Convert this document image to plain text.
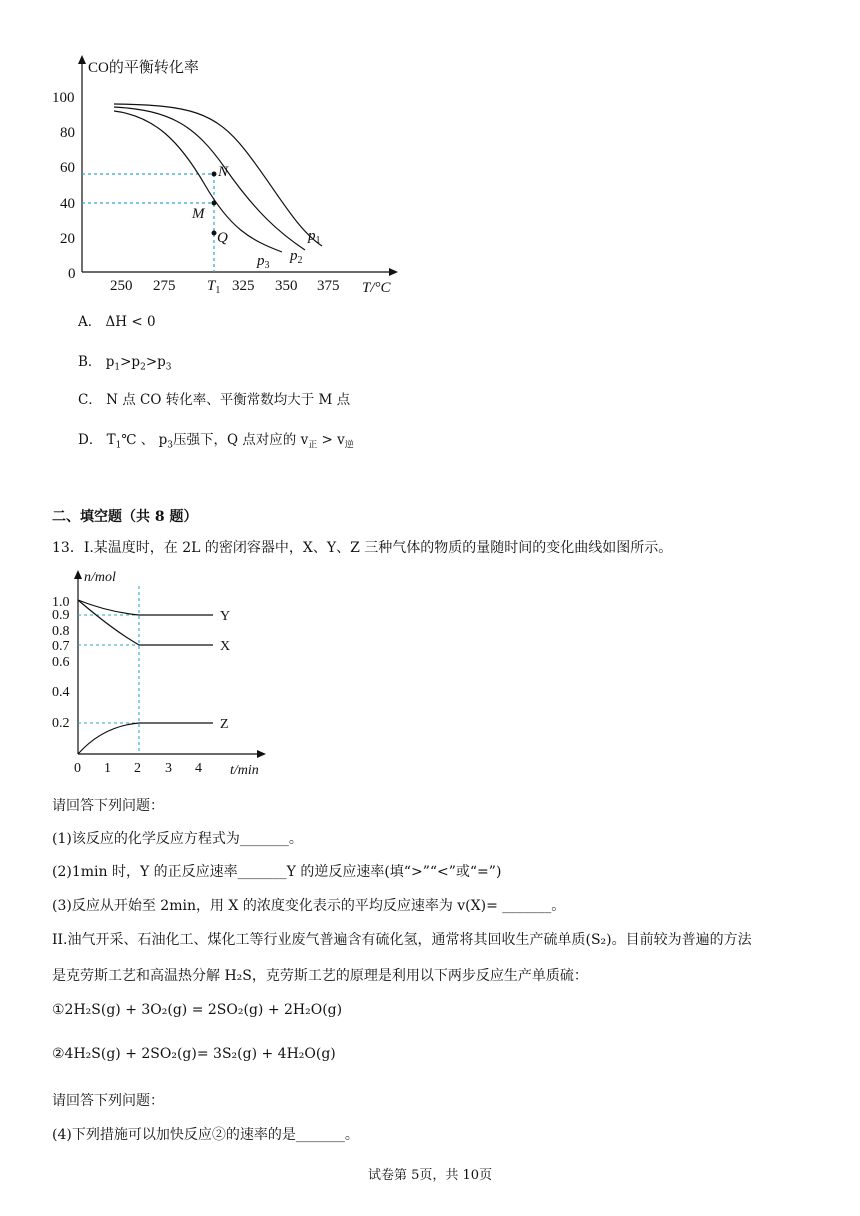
CO的平衡转化率
100
80
60
40
20
0
250 275 $T_1$ 325 350 375 T/°C
N
M
Q	$p_1$
$p_2$
$p_3$
A． ΔH < 0
B． $p_1>p_2>p_3$
C． N 点 CO 转化率、平衡常数均大于 M 点
D． $T_1℃$ 、 $p_3$压强下，Q 点对应的 $v_正 > v_逆$
二、填空题（共 8 题）
13．I.某温度时，在 2L 的密闭容器中，X、Y、Z 三种气体的物质的量随时间的变化曲线如图所示。
n/mol
1.0
0.9
0.8
0.7
0.6
0.4
0.2
0 1 2 3 4 t/min
Y
X
Z
请回答下列问题：
(1)该反应的化学反应方程式为_______。
(2)1min 时，Y 的正反应速率_______Y 的逆反应速率(填“>”“<”或“=”)
(3)反应从开始至 2min，用 X 的浓度变化表示的平均反应速率为 v(X)= _______。
II.油气开采、石油化工、煤化工等行业废气普遍含有硫化氢，通常将其回收生产硫单质(S₂)。目前较为普遍的方法
是克劳斯工艺和高温热分解 H₂S，克劳斯工艺的原理是利用以下两步反应生产单质硫：
①2H₂S(g) + 3O₂(g) = 2SO₂(g) + 2H₂O(g)
②4H₂S(g) + 2SO₂(g)= 3S₂(g) + 4H₂O(g)
请回答下列问题：
(4)下列措施可以加快反应②的速率的是_______。
试卷第 5页，共 10页
